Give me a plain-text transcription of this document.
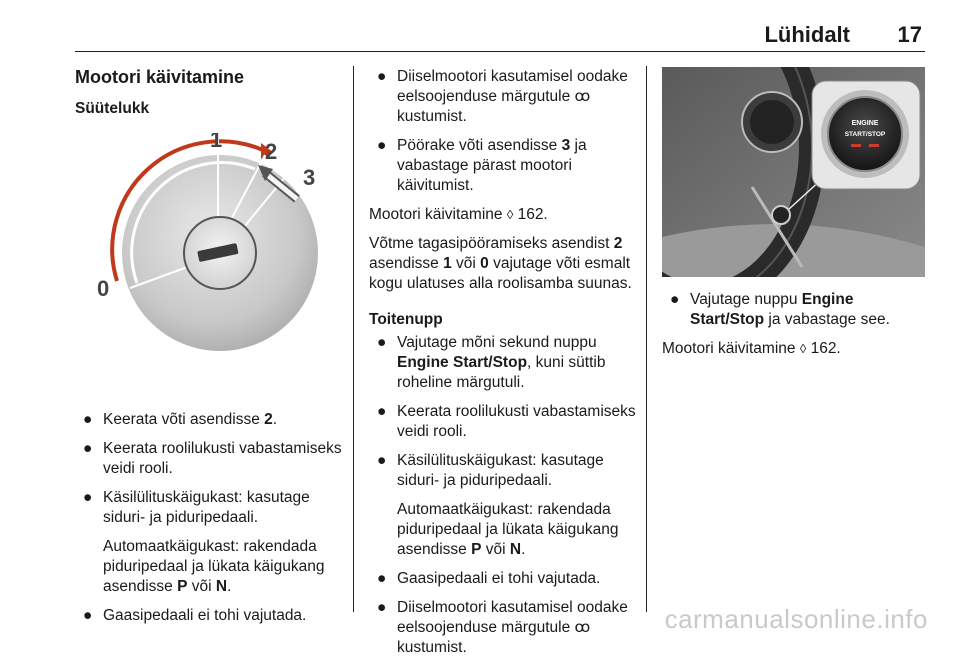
Lühidalt 17

Mootori käivitamine

Süütelukk

1 2
3
0
● Keerata võti asendisse 2.
● Keerata roolilukusti vabastamiseks veidi rooli.
● Käsilülituskäigukast: kasutage siduri- ja piduripedaali.
Automaatkäigukast: rakendada piduripedaal ja lükata käigukang asendisse P või N.
● Gaasipedaali ei tohi vajutada.
● Diiselmootori kasutamisel oodake eelsoojenduse märgutule ꝏ kustumist.
● Pöörake võti asendisse 3 ja vabastage pärast mootori käivitumist.
Mootori käivitamine ◊ 162.
Võtme tagasipööramiseks asendist 2 asendisse 1 või 0 vajutage võti esmalt kogu ulatuses alla roolisamba suunas.

Toitenupp

● Vajutage mõni sekund nuppu Engine Start/Stop, kuni süttib roheline märgutuli.
● Keerata roolilukusti vabastamiseks veidi rooli.
● Käsilülituskäigukast: kasutage siduri- ja piduripedaali.
Automaatkäigukast: rakendada piduripedaal ja lükata käigukang asendisse P või N.
● Gaasipedaali ei tohi vajutada.
● Diiselmootori kasutamisel oodake eelsoojenduse märgutule ꝏ kustumist.
ENGINE
START/STOP
● Vajutage nuppu Engine Start/Stop ja vabastage see.
Mootori käivitamine ◊ 162.
carmanualsonline.info
